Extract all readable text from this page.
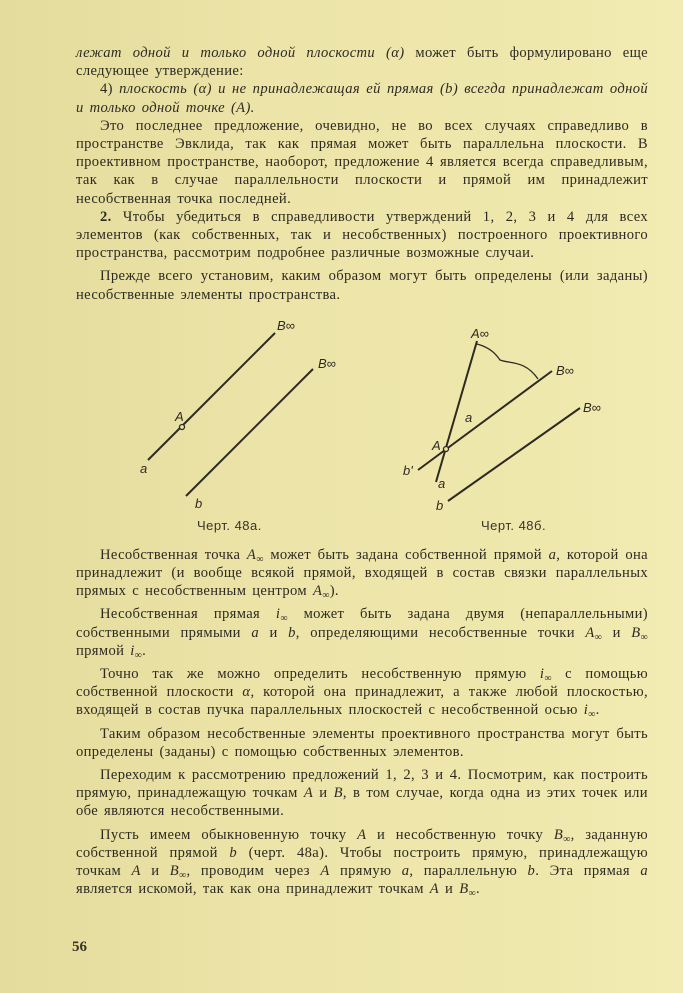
лежат одной и только одной плоскости (α) может быть формулировано еще следующее утверждение:

4) плоскость (α) и не принадлежащая ей прямая (b) всегда принадлежат одной и только одной точке (A).

Это последнее предложение, очевидно, не во всех случаях справедливо в пространстве Эвклида, так как прямая может быть параллельна плоскости. В проективном пространстве, наоборот, предложение 4 является всегда справедливым, так как в случае параллельности плоскости и прямой им принадлежит несобственная точка последней.

2. Чтобы убедиться в справедливости утверждений 1, 2, 3 и 4 для всех элементов (как собственных, так и несобственных) построенного проективного пространства, рассмотрим подробнее различные возможные случаи.

Прежде всего установим, каким образом могут быть определены (или заданы) несобственные элементы пространства.

B∞
B∞
A
a
b
A∞
B∞
B∞
a
A
b'
a
b
Черт. 48а.	Черт. 48б.

Несобственная точка $A_\infty$ может быть задана собственной прямой a, которой она принадлежит (и вообще всякой прямой, входящей в состав связки параллельных прямых с несобственным центром $A_\infty$).

Несобственная прямая $i_\infty$ может быть задана двумя (непараллельными) собственными прямыми a и b, определяющими несобственные точки $A_\infty$ и $B_\infty$ прямой $i_\infty$.

Точно так же можно определить несобственную прямую $i_\infty$ с помощью собственной плоскости α, которой она принадлежит, а также любой плоскостью, входящей в состав пучка параллельных плоскостей с несобственной осью $i_\infty$.

Таким образом несобственные элементы проективного пространства могут быть определены (заданы) с помощью собственных элементов.

Переходим к рассмотрению предложений 1, 2, 3 и 4. Посмотрим, как построить прямую, принадлежащую точкам A и B, в том случае, когда одна из этих точек или обе являются несобственными.

Пусть имеем обыкновенную точку A и несобственную точку $B_\infty$, заданную собственной прямой b (черт. 48а). Чтобы построить прямую, принадлежащую точкам A и $B_\infty$, проводим через A прямую a, параллельную b. Эта прямая a является искомой, так как она принадлежит точкам A и $B_\infty$.

56
